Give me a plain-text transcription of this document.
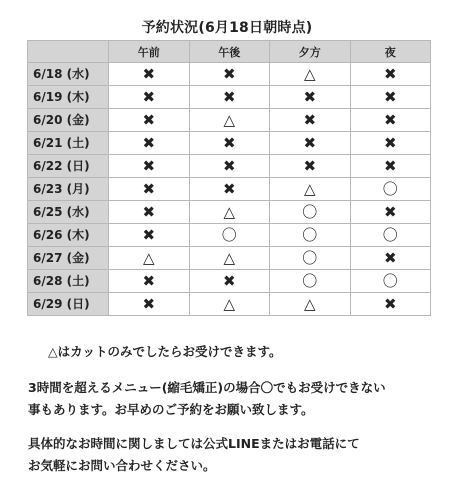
予約状況(6月18日朝時点)
	午前	午後	夕方	夜
6/18 (水)	✖	✖	△	✖
6/19 (木)	✖	✖	✖	✖
6/20 (金)	✖	△	✖	✖
6/21 (土)	✖	✖	✖	✖
6/22 (日)	✖	✖	✖	✖
6/23 (月)	✖	✖	△	〇
6/25 (水)	✖	△	〇	✖
6/26 (木)	✖	〇	〇	〇
6/27 (金)	△	△	〇	✖
6/28 (土)	✖	✖	〇	〇
6/29 (日)	✖	△	△	✖

△はカットのみでしたらお受けできます。

3時間を超えるメニュー(縮毛矯正)の場合〇でもお受けできない

事もあります。お早めのご予約をお願い致します。

具体的なお時間に関しましては公式LINEまたはお電話にて

お気軽にお問い合わせください。
